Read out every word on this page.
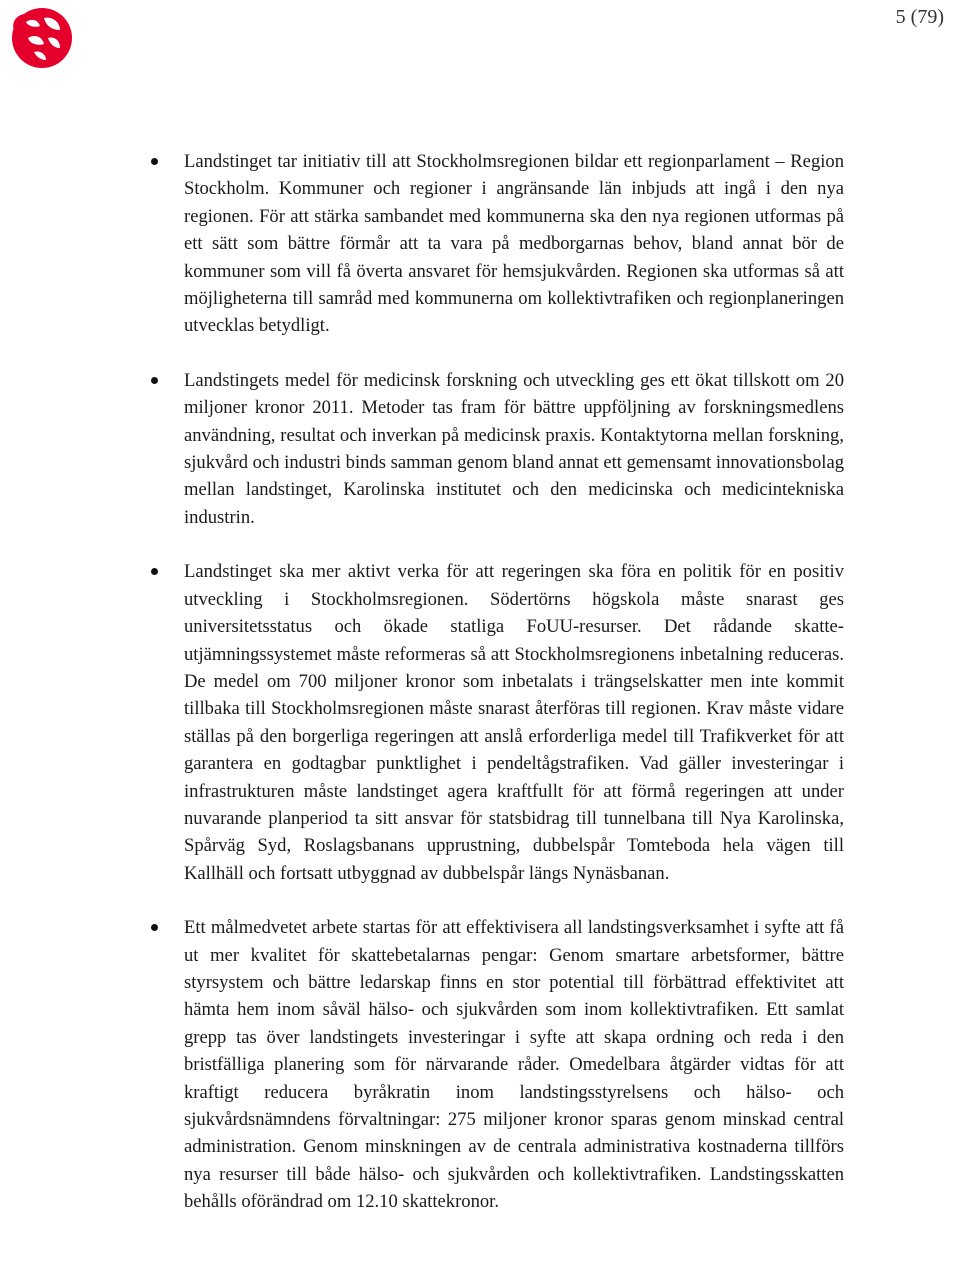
5 (79)
Landstinget tar initiativ till att Stockholmsregionen bildar ett regionparlament – Region Stockholm. Kommuner och regioner i angränsande län inbjuds att ingå i den nya regionen. För att stärka sambandet med kommunerna ska den nya regionen utformas på ett sätt som bättre förmår att ta vara på medborgarnas behov, bland annat bör de kommuner som vill få överta ansvaret för hemsjukvården. Regionen ska utformas så att möjligheterna till samråd med kommunerna om kollektivtrafiken och regionplaneringen utvecklas betydligt.
Landstingets medel för medicinsk forskning och utveckling ges ett ökat tillskott om 20 miljoner kronor 2011. Metoder tas fram för bättre uppföljning av forskningsmedlens användning, resultat och inverkan på medicinsk praxis. Kontaktytorna mellan forskning, sjukvård och industri binds samman genom bland annat ett gemensamt innovationsbolag mellan landstinget, Karolinska institutet och den medicinska och medicintekniska industrin.
Landstinget ska mer aktivt verka för att regeringen ska föra en politik för en positiv utveckling i Stockholmsregionen. Södertörns högskola måste snarast ges universitetsstatus och ökade statliga FoUU-resurser. Det rådande skatteutjämningssystemet måste reformeras så att Stockholmsregionens inbetalning reduceras. De medel om 700 miljoner kronor som inbetalats i trängselskatter men inte kommit tillbaka till Stockholmsregionen måste snarast återföras till regionen. Krav måste vidare ställas på den borgerliga regeringen att anslå erforderliga medel till Trafikverket för att garantera en godtagbar punktlighet i pendeltågstrafiken. Vad gäller investeringar i infrastrukturen måste landstinget agera kraftfullt för att förmå regeringen att under nuvarande planperiod ta sitt ansvar för statsbidrag till tunnelbana till Nya Karolinska, Spårväg Syd, Roslagsbanans upprustning, dubbelspår Tomteboda hela vägen till Kallhäll och fortsatt utbyggnad av dubbelspår längs Nynäsbanan.
Ett målmedvetet arbete startas för att effektivisera all landstingsverksamhet i syfte att få ut mer kvalitet för skattebetalarnas pengar: Genom smartare arbetsformer, bättre styrsystem och bättre ledarskap finns en stor potential till förbättrad effektivitet att hämta hem inom såväl hälso- och sjukvården som inom kollektivtrafiken. Ett samlat grepp tas över landstingets investeringar i syfte att skapa ordning och reda i den bristfälliga planering som för närvarande råder. Omedelbara åtgärder vidtas för att kraftigt reducera byråkratin inom landstingsstyrelsens och hälso- och sjukvårdsnämndens förvaltningar: 275 miljoner kronor sparas genom minskad central administration. Genom minskningen av de centrala administrativa kostnaderna tillförs nya resurser till både hälso- och sjukvården och kollektivtrafiken. Landstingsskatten behålls oförändrad om 12.10 skattekronor.
